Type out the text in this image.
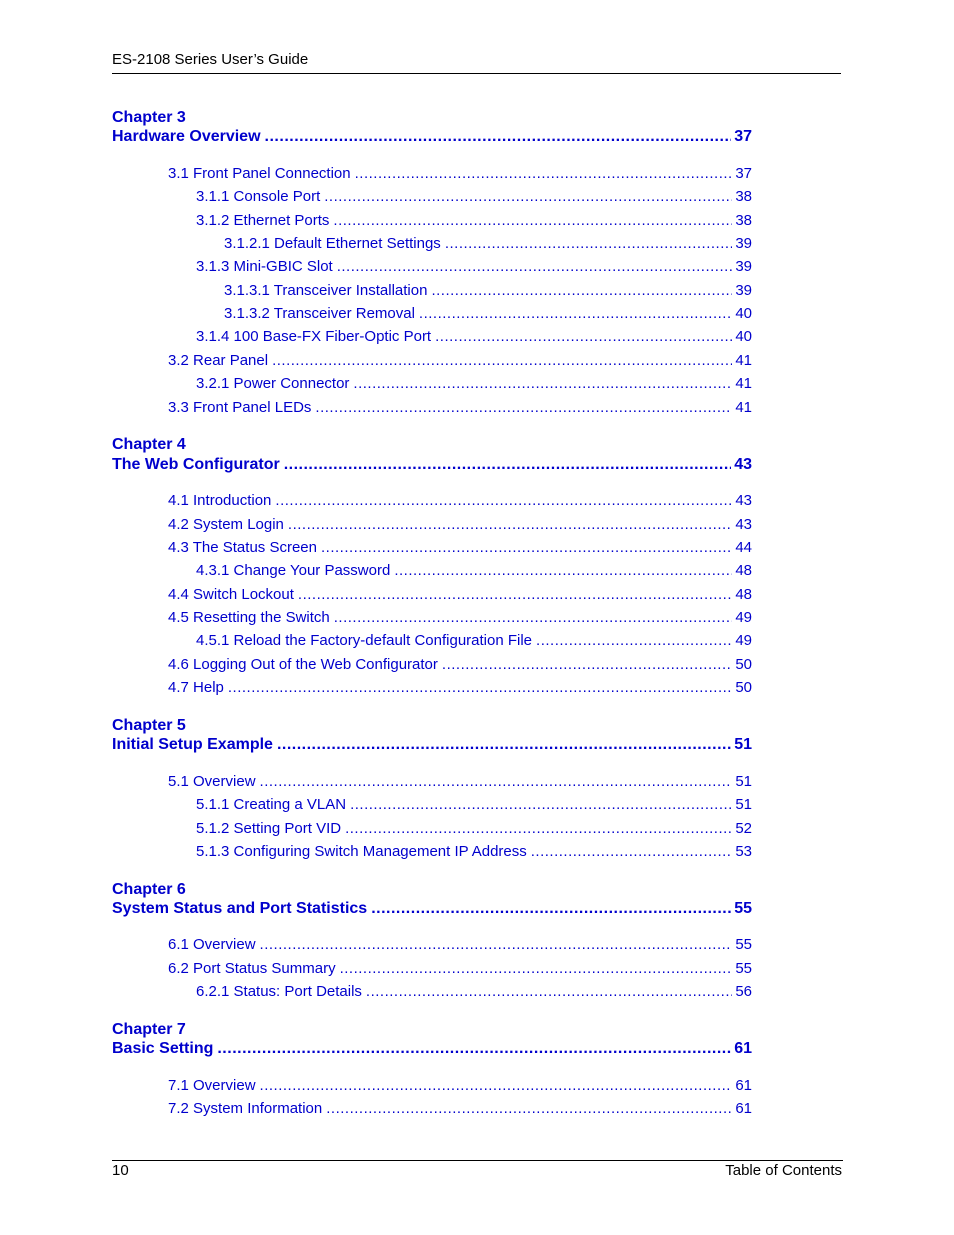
ES-2108 Series User’s Guide
Chapter 3
Hardware Overview .....	37
3.1 Front Panel Connection .....	37
3.1.1 Console Port .....	38
3.1.2 Ethernet Ports .....	38
3.1.2.1 Default Ethernet Settings .....	39
3.1.3 Mini-GBIC Slot .....	39
3.1.3.1 Transceiver Installation .....	39
3.1.3.2 Transceiver Removal .....	40
3.1.4 100 Base-FX Fiber-Optic Port .....	40
3.2 Rear Panel .....	41
3.2.1 Power Connector .....	41
3.3 Front Panel LEDs .....	41
Chapter 4
The Web Configurator .....	43
4.1 Introduction .....	43
4.2 System Login .....	43
4.3 The Status Screen .....	44
4.3.1 Change Your Password .....	48
4.4 Switch Lockout .....	48
4.5 Resetting the Switch .....	49
4.5.1 Reload the Factory-default Configuration File .....	49
4.6 Logging Out of the Web Configurator .....	50
4.7 Help .....	50
Chapter 5
Initial Setup Example .....	51
5.1 Overview .....	51
5.1.1 Creating a VLAN .....	51
5.1.2 Setting Port VID .....	52
5.1.3 Configuring Switch Management IP Address .....	53
Chapter 6
System Status and Port Statistics .....	55
6.1 Overview .....	55
6.2 Port Status Summary .....	55
6.2.1 Status: Port Details .....	56
Chapter 7
Basic Setting .....	61
7.1 Overview .....	61
7.2 System Information .....	61
10	Table of Contents
